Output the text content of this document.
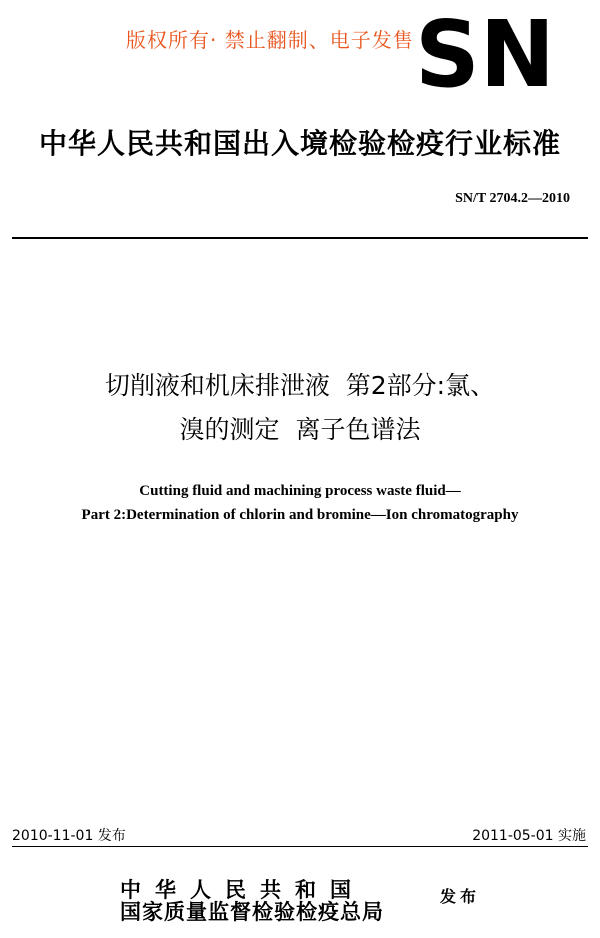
版权所有· 禁止翻制、电子发售 SN
中华人民共和国出入境检验检疫行业标准
SN/T 2704.2—2010
切削液和机床排泄液  第2部分:氯、
溴的测定  离子色谱法
Cutting fluid and machining process waste fluid—
Part 2:Determination of chlorin and bromine—Ion chromatography
2010-11-01 发布	2011-05-01 实施
中华人民共和国
国家质量监督检验检疫总局
发布
